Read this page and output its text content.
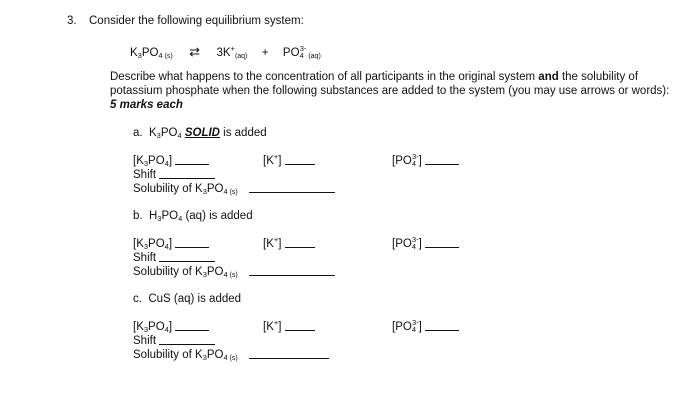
3. Consider the following equilibrium system:
$K_3PO_4$ $_{(s)}$ ⇄ $3K^+_{(aq)} + PO_4^{3-}$ $_{(aq)}$
Describe what happens to the concentration of all participants in the original system and the solubility of potassium phosphate when the following substances are added to the system (you may use arrows or words): 5 marks each
a. $K_3PO_4$ SOLID is added
$[K_3PO_4]$	[K+]	$[PO_4^{3-}]$
Shift
Solubility of $K_3PO_4$ $_{(s)}$
b. $H_3PO_4$ (aq) is added
$[K_3PO_4]$	[K+]	$[PO_4^{3-}]$
Shift
Solubility of $K_3PO_4$ $_{(s)}$
c. CuS (aq) is added
$[K_3PO_4]$	[K+]	$[PO_4^{3-}]$
Shift
Solubility of $K_3PO_4$ $_{(s)}$
